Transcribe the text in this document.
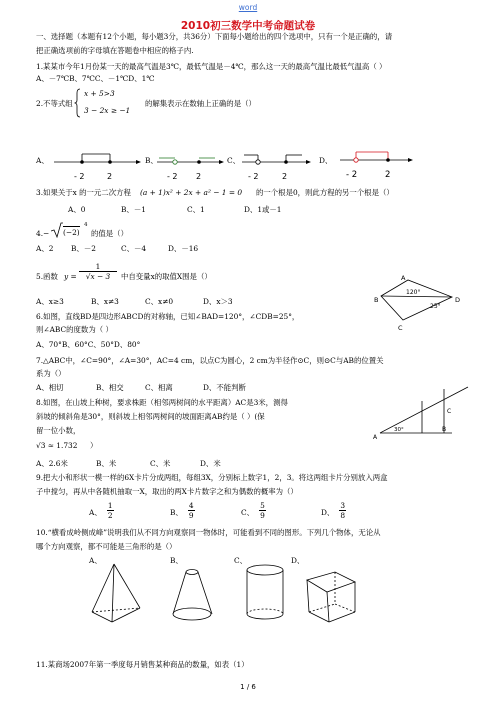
word
2010初三数学中考命题试卷
一、选择题（本题有12个小题，每小题3分，共36分）下面每小题给出的四个选项中，只有一个是正确的，请
把正确选项前的字母填在答题卷中相应的格子内.
1.某某市今年1月份某一天的最高气温是3℃，最低气温是－4℃，那么这一天的最高气温比最低气温高（ ）
A、－7℃B、7℃C、－1℃D、1℃
2.不等式组
x + 5>3
3 − 2x ≥ −1
的解集表示在数轴上正确的是（）
A、	B、	C、	D、
- 2	2	- 2 2	- 2	2	- 2	2
3.如果关于x 的一元二次方程 (a + 1)x² + 2x + a² − 1 = 0 的一个根是0，则此方程的另一个根是（）
A、0	B、－1	C、1	D、1或－1
4. − (−2)
4
的值是（）
A、2 B、－2	C、－4	D、－16
5.函数 $y = \frac{1}{√x - 3}$ 中自变量x的取值X围是（）
A、x≥3	B、x≠3	C、x≠0	D、x＞3
6.如图，直线BD是四边形ABCD的对称轴，已知∠BAD=120°，∠CDB=25°，
则∠ABC的度数为（ ）
A、70°B、60°C、50°D、80°
A
B
C
D
120°
25°
7.△ABC中，∠C=90°，∠A=30°，AC=4 cm，以点C为圆心，2 cm为半径作⊙C，则⊙C与AB的位置关
系为（）
A、相切	B、相交	C、相离	D、不能判断
8.如图，在山坡上种树，要求株距（相邻两树间的水平距离）AC是3米，测得
斜坡的倾斜角是30°，则斜坡上相邻两树间的坡面距离AB约是（ ）(保
留一位小数，
√3 ≈ 1.732 ）
A、2.6米	B、米	C、米	D、米
A
B
C
30°
9.把大小和形状一模一样的6X卡片分成两组，每组3X，分别标上数字1，2，3。将这两组卡片分别放入两盒
子中搅匀，再从中各随机抽取一X，取出的两X卡片数字之和为偶数的概率为（）
A、 $\frac{1}{2}$	B、 $\frac{4}{9}$	C、 $\frac{5}{9}$	D、 $\frac{3}{8}$
10.“横看成岭侧成峰”说明我们从不同方向观察同一物体时，可能看到不同的图形。下列几个物体，无论从
哪个方向观察，都不可能是三角形的是（）
A、	B、	C、	D、
11.某商场2007年第一季度每月销售某种商品的数量，如表（1）
1 / 6
